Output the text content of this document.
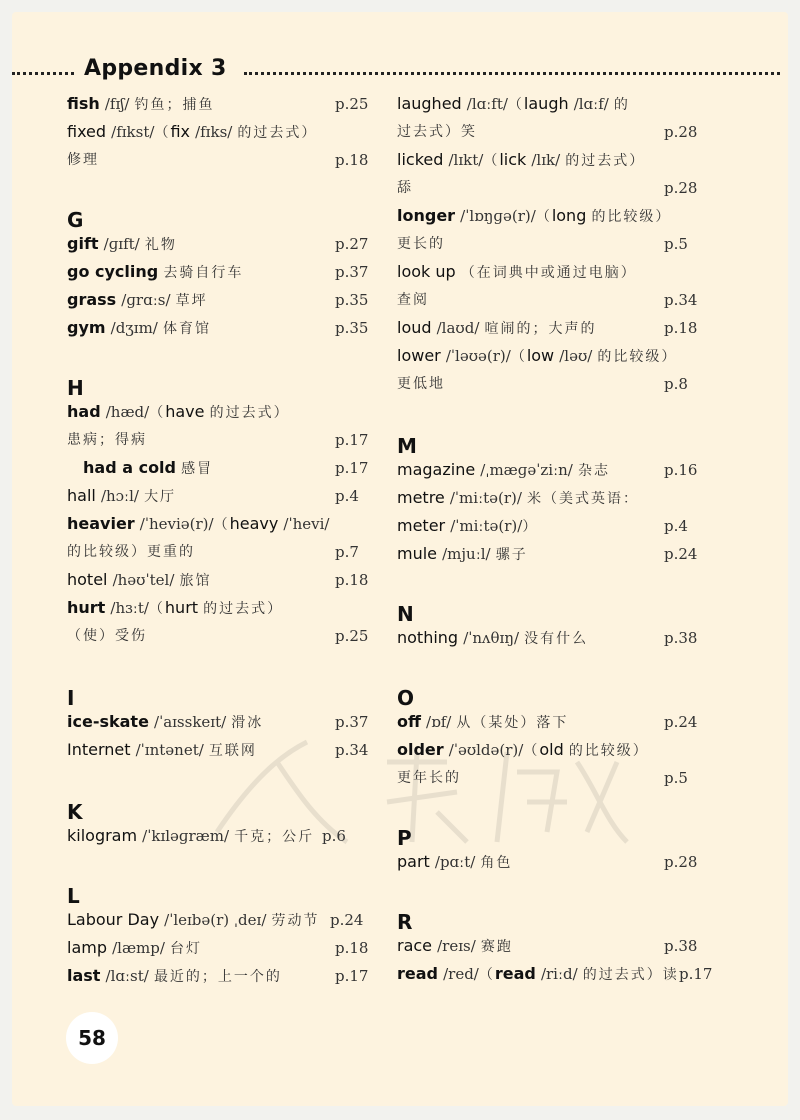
Appendix 3
fish /fɪʃ/ 钓鱼；捕鱼	p.25
fixed /fɪkst/（fix /fɪks/ 的过去式）
修理	p.18
G
gift /ɡɪft/ 礼物	p.27
go cycling 去骑自行车	p.37
grass /ɡrɑːs/ 草坪	p.35
gym /dʒɪm/ 体育馆	p.35
H
had /hæd/（have 的过去式）
患病；得病	p.17
had a cold 感冒	p.17
hall /hɔːl/ 大厅	p.4
heavier /ˈheviə(r)/（heavy /ˈhevi/
的比较级）更重的	p.7
hotel /həʊˈtel/ 旅馆	p.18
hurt /hɜːt/（hurt 的过去式）
（使）受伤	p.25
I
ice-skate /ˈaɪsskeɪt/ 滑冰	p.37
Internet /ˈɪntənet/ 互联网	p.34
K
kilogram /ˈkɪləɡræm/ 千克；公斤 p.6
L
Labour Day /ˈleɪbə(r) ˌdeɪ/ 劳动节 p.24
lamp /læmp/ 台灯	p.18
last /lɑːst/ 最近的；上一个的	p.17
laughed /lɑːft/（laugh /lɑːf/ 的
过去式）笑	p.28
licked /lɪkt/（lick /lɪk/ 的过去式）
舔	p.28
longer /ˈlɒŋɡə(r)/（long 的比较级）
更长的	p.5
look up （在词典中或通过电脑）
查阅	p.34
loud /laʊd/ 喧闹的；大声的	p.18
lower /ˈləʊə(r)/（low /ləʊ/ 的比较级）
更低地	p.8
M
magazine /ˌmæɡəˈziːn/ 杂志	p.16
metre /ˈmiːtə(r)/ 米（美式英语：
meter /ˈmiːtə(r)/）	p.4
mule /mjuːl/ 骡子	p.24
N
nothing /ˈnʌθɪŋ/ 没有什么	p.38
O
off /ɒf/ 从（某处）落下	p.24
older /ˈəʊldə(r)/（old 的比较级）
更年长的	p.5
P
part /pɑːt/ 角色	p.28
R
race /reɪs/ 赛跑	p.38
read /red/（read /riːd/ 的过去式）读 p.17
58
